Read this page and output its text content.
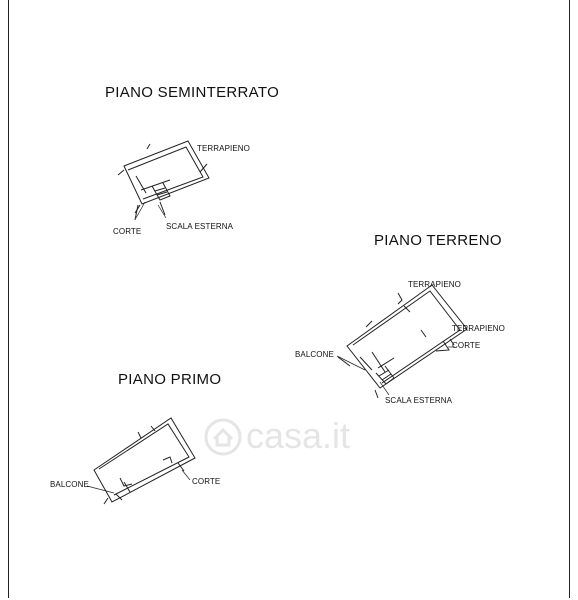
casa.it
PIANO SEMINTERRATO
PIANO TERRENO
PIANO PRIMO
TERRAPIENO
CORTE
SCALA ESTERNA
TERRAPIENO
TERRAPIENO
CORTE
BALCONE
SCALA ESTERNA
BALCONE	CORTE
